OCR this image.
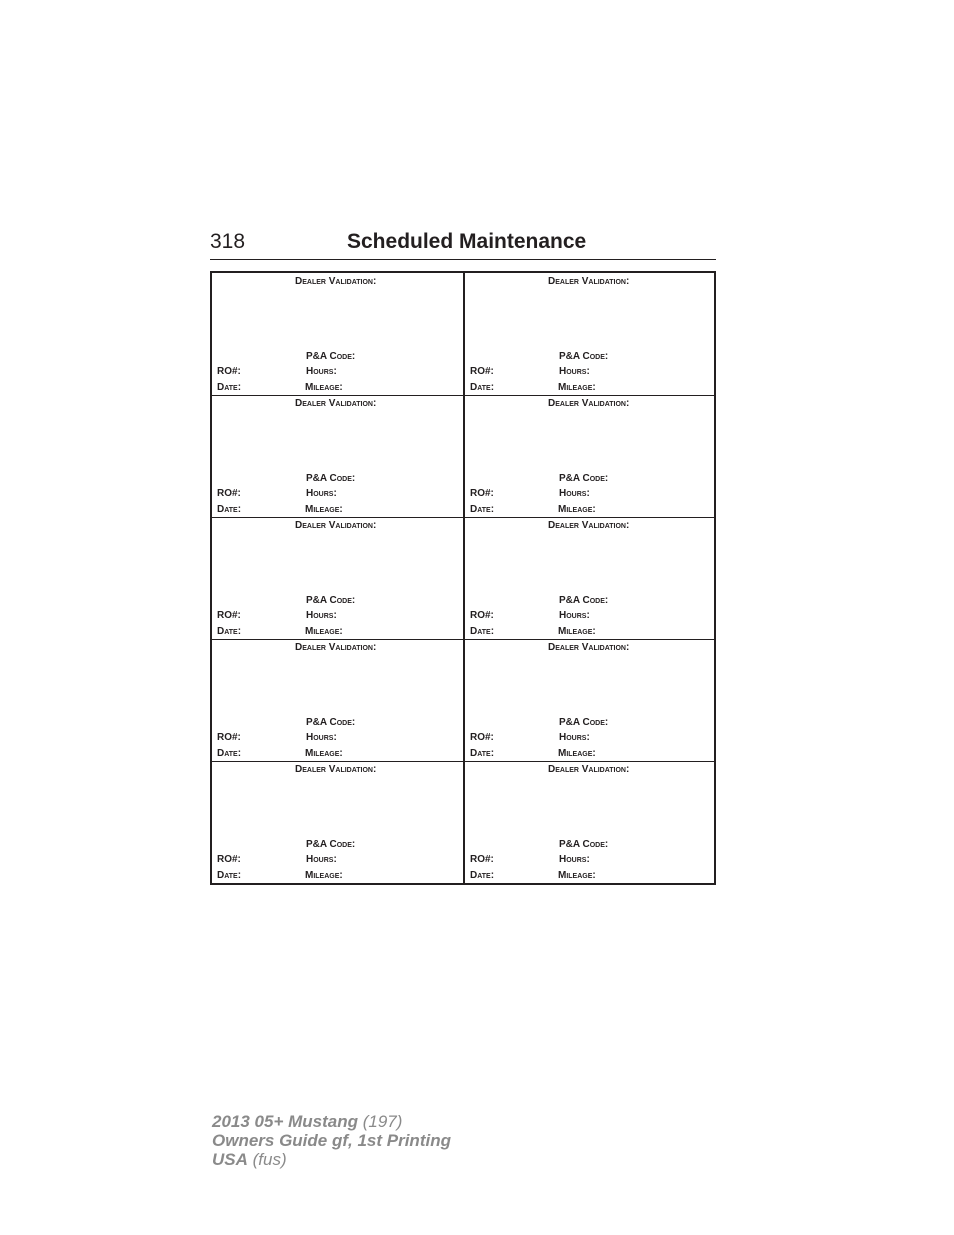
318	Scheduled Maintenance
Dealer Validation:
P&A Code:
RO#:	Hours:
Date:	Mileage:
Dealer Validation:
P&A Code:
RO#:	Hours:
Date:	Mileage:
Dealer Validation:
P&A Code:
RO#:	Hours:
Date:	Mileage:
Dealer Validation:
P&A Code:
RO#:	Hours:
Date:	Mileage:
Dealer Validation:
P&A Code:
RO#:	Hours:
Date:	Mileage:
Dealer Validation:
P&A Code:
RO#:	Hours:
Date:	Mileage:
Dealer Validation:
P&A Code:
RO#:	Hours:
Date:	Mileage:
Dealer Validation:
P&A Code:
RO#:	Hours:
Date:	Mileage:
Dealer Validation:
P&A Code:
RO#:	Hours:
Date:	Mileage:
Dealer Validation:
P&A Code:
RO#:	Hours:
Date:	Mileage:
2013 05+ Mustang (197)
Owners Guide gf, 1st Printing
USA (fus)
